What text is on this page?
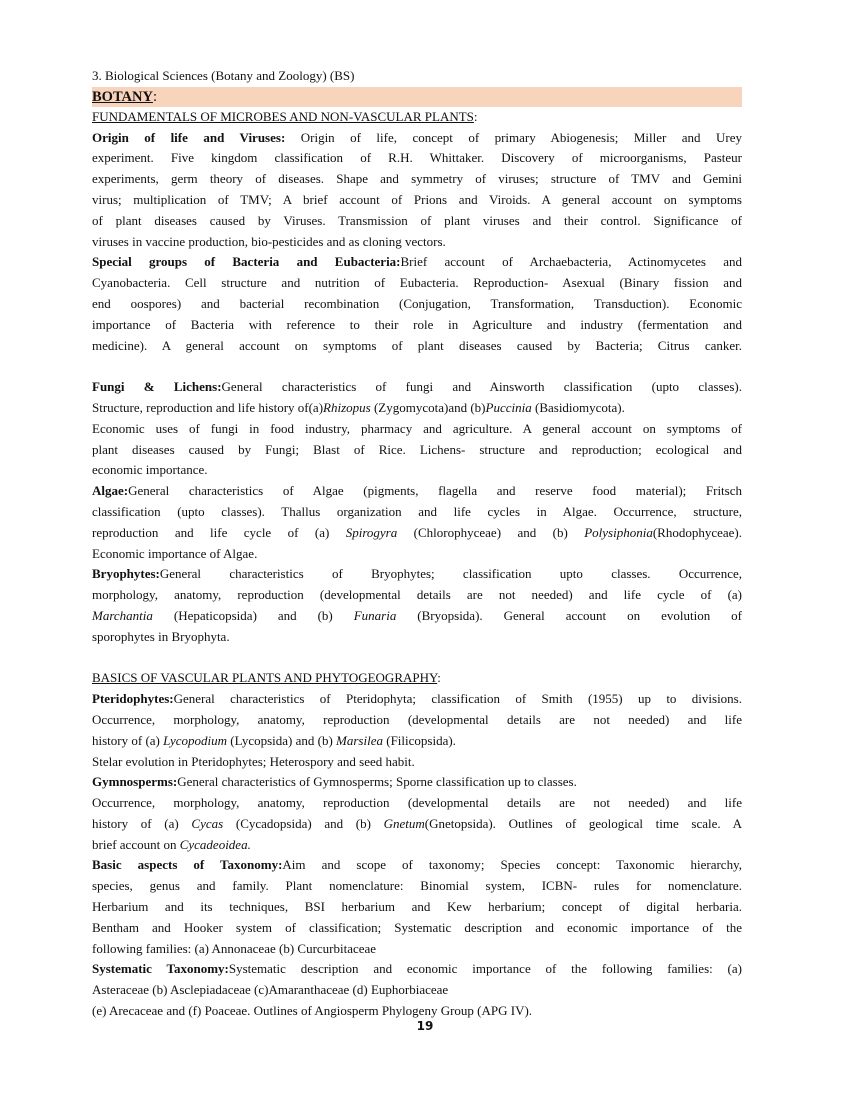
3. Biological Sciences (Botany and Zoology) (BS)

BOTANY:

FUNDAMENTALS OF MICROBES AND NON-VASCULAR PLANTS:

Origin of life and Viruses: Origin of life, concept of primary Abiogenesis; Miller and Urey

experiment. Five kingdom classification of R.H. Whittaker. Discovery of microorganisms, Pasteur

experiments, germ theory of diseases. Shape and symmetry of viruses; structure of TMV and Gemini

virus; multiplication of TMV; A brief account of Prions and Viroids. A general account on symptoms

of plant diseases caused by Viruses. Transmission of plant viruses and their control. Significance of

viruses in vaccine production, bio-pesticides and as cloning vectors.

Special groups of Bacteria and Eubacteria:Brief account of Archaebacteria, Actinomycetes and

Cyanobacteria. Cell structure and nutrition of Eubacteria. Reproduction- Asexual (Binary fission and

end oospores) and bacterial recombination (Conjugation, Transformation, Transduction). Economic

importance of Bacteria with reference to their role in Agriculture and industry (fermentation and

medicine). A general account on symptoms of plant diseases caused by Bacteria; Citrus canker.

Fungi & Lichens:General characteristics of fungi and Ainsworth classification (upto classes).

Structure, reproduction and life history of(a)Rhizopus (Zygomycota)and (b)Puccinia (Basidiomycota).

Economic uses of fungi in food industry, pharmacy and agriculture. A general account on symptoms of

plant diseases caused by Fungi; Blast of Rice. Lichens- structure and reproduction; ecological and

economic importance.

Algae:General characteristics of Algae (pigments, flagella and reserve food material); Fritsch

classification (upto classes). Thallus organization and life cycles in Algae. Occurrence, structure,

reproduction and life cycle of (a) Spirogyra (Chlorophyceae) and (b) Polysiphonia(Rhodophyceae).

Economic importance of Algae.

Bryophytes:General characteristics of Bryophytes; classification upto classes. Occurrence,

morphology, anatomy, reproduction (developmental details are not needed) and life cycle of (a)

Marchantia (Hepaticopsida) and (b) Funaria (Bryopsida). General account on evolution of

sporophytes in Bryophyta.

BASICS OF VASCULAR PLANTS AND PHYTOGEOGRAPHY:

Pteridophytes:General characteristics of Pteridophyta; classification of Smith (1955) up to divisions.

Occurrence, morphology, anatomy, reproduction (developmental details are not needed) and life

history of (a) Lycopodium (Lycopsida) and (b) Marsilea (Filicopsida).

Stelar evolution in Pteridophytes; Heterospory and seed habit.

Gymnosperms:General characteristics of Gymnosperms; Sporne classification up to classes.

Occurrence, morphology, anatomy, reproduction (developmental details are not needed) and life

history of (a) Cycas (Cycadopsida) and (b) Gnetum(Gnetopsida). Outlines of geological time scale. A

brief account on Cycadeoidea.

Basic aspects of Taxonomy:Aim and scope of taxonomy; Species concept: Taxonomic hierarchy,

species, genus and family. Plant nomenclature: Binomial system, ICBN- rules for nomenclature.

Herbarium and its techniques, BSI herbarium and Kew herbarium; concept of digital herbaria.

Bentham and Hooker system of classification; Systematic description and economic importance of the

following families: (a) Annonaceae (b) Curcurbitaceae

Systematic Taxonomy:Systematic description and economic importance of the following families: (a)

Asteraceae (b) Asclepiadaceae (c)Amaranthaceae (d) Euphorbiaceae

(e) Arecaceae and (f) Poaceae. Outlines of Angiosperm Phylogeny Group (APG IV).

19
